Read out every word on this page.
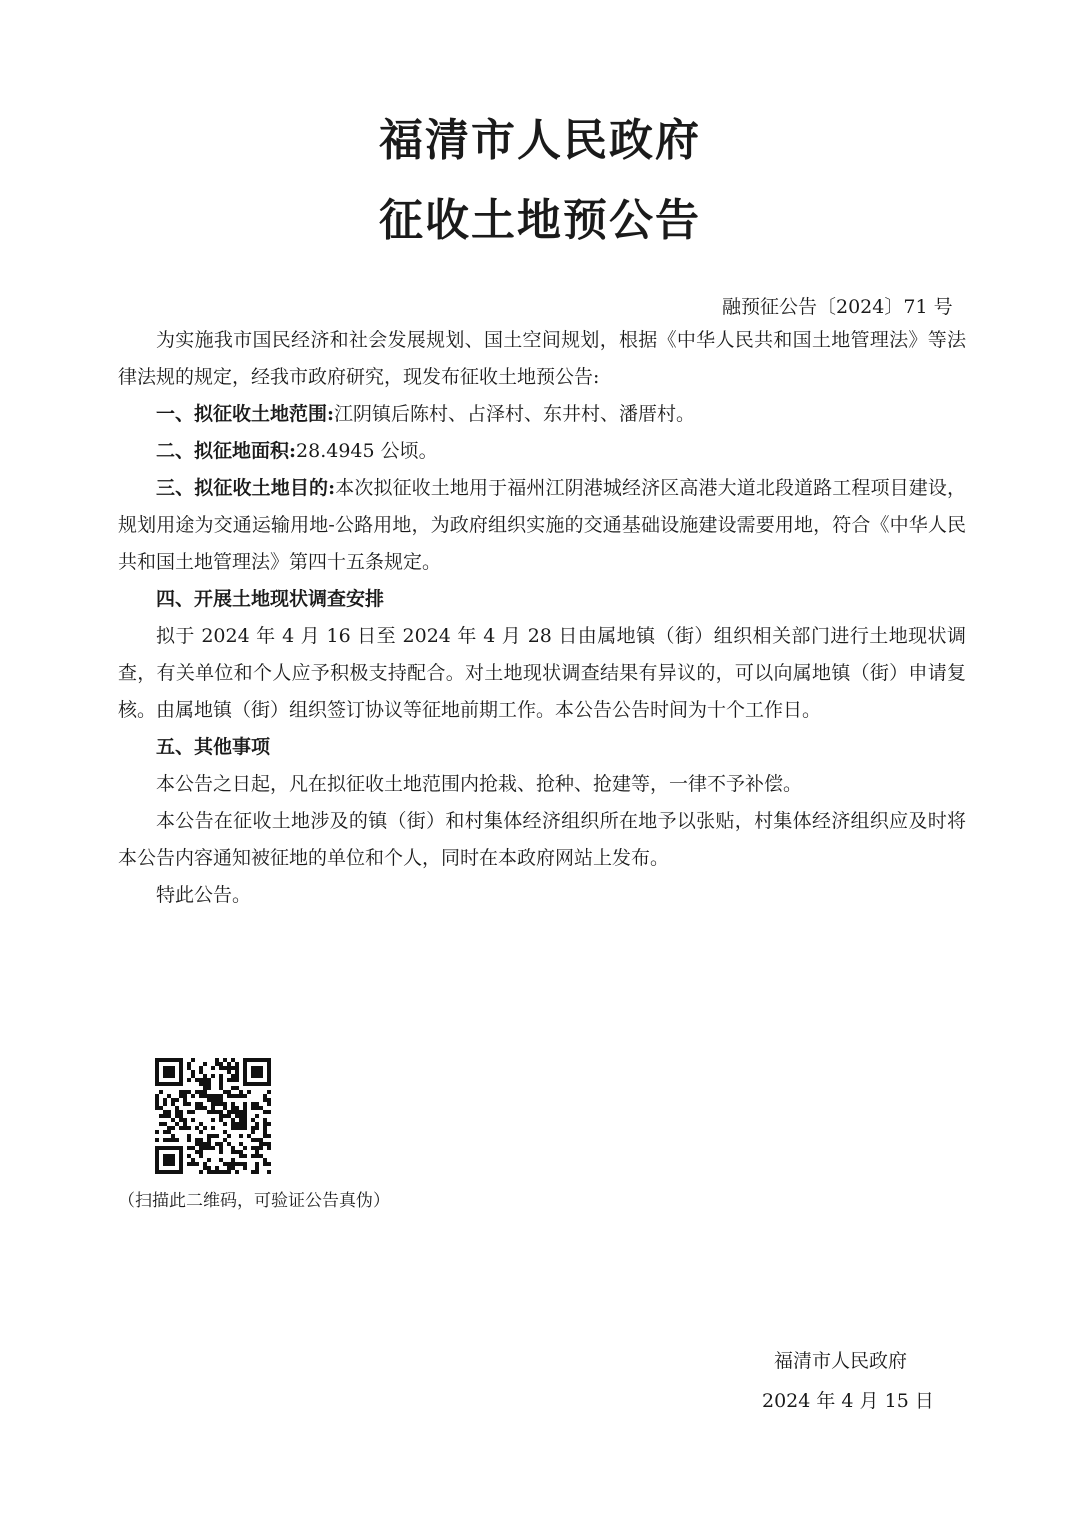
福清市人民政府
征收土地预公告
融预征公告〔2024〕71 号

为实施我市国民经济和社会发展规划、国土空间规划，根据《中华人民共和国土地管理法》等法律法规的规定，经我市政府研究，现发布征收土地预公告:

一、拟征收土地范围:江阴镇后陈村、占泽村、东井村、潘厝村。

二、拟征地面积:28.4945 公顷。

三、拟征收土地目的:本次拟征收土地用于福州江阴港城经济区高港大道北段道路工程项目建设，规划用途为交通运输用地-公路用地，为政府组织实施的交通基础设施建设需要用地，符合《中华人民共和国土地管理法》第四十五条规定。

四、开展土地现状调查安排

拟于 2024 年 4 月 16 日至 2024 年 4 月 28 日由属地镇（街）组织相关部门进行土地现状调查，有关单位和个人应予积极支持配合。对土地现状调查结果有异议的，可以向属地镇（街）申请复核。由属地镇（街）组织签订协议等征地前期工作。本公告公告时间为十个工作日。

五、其他事项

本公告之日起，凡在拟征收土地范围内抢栽、抢种、抢建等，一律不予补偿。

本公告在征收土地涉及的镇（街）和村集体经济组织所在地予以张贴，村集体经济组织应及时将本公告内容通知被征地的单位和个人，同时在本政府网站上发布。

特此公告。

（扫描此二维码，可验证公告真伪）
福清市人民政府
2024 年 4 月 15 日
